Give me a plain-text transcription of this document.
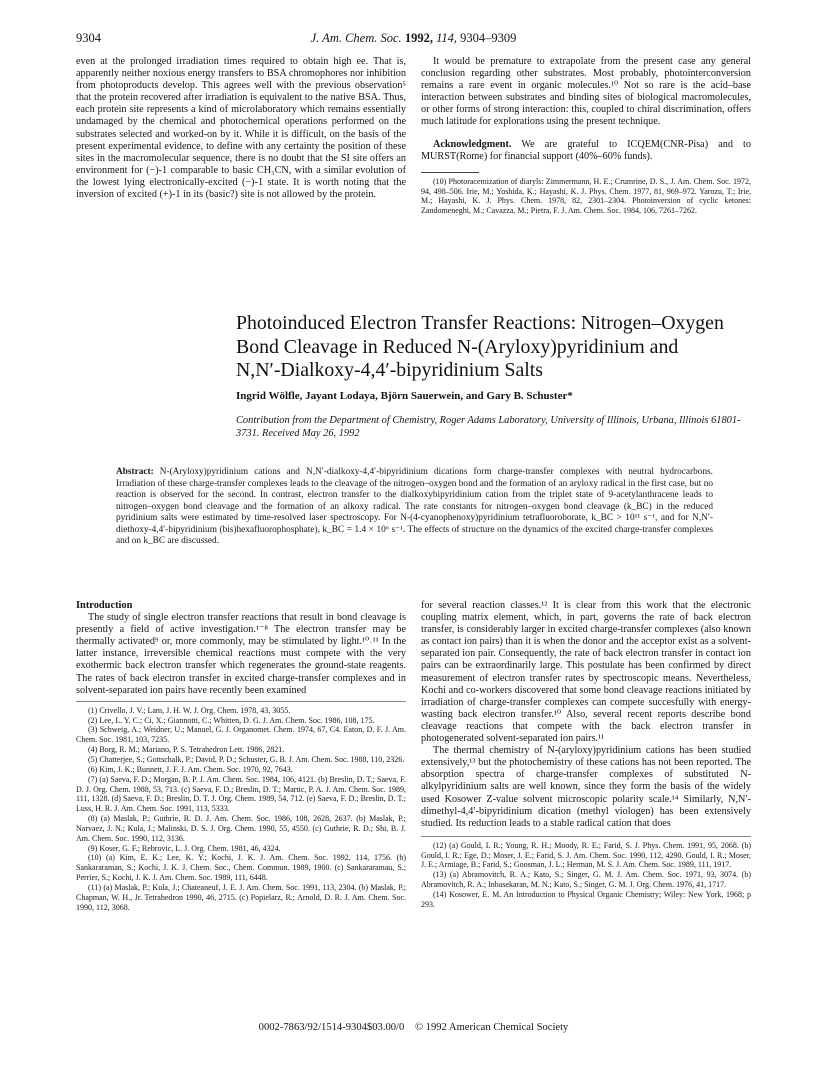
9304	J. Am. Chem. Soc. 1992, 114, 9304–9309

even at the prolonged irradiation times required to obtain high ee. That is, apparently neither noxious energy transfers to BSA chromophores nor inhibition from photoproducts develop. This agrees well with the previous observation⁵ that the protein recovered after irradiation is equivalent to the native BSA. Thus, each protein site represents a kind of microlaboratory which remains essentially undamaged by the chemical and photochemical operations performed on the substrates selected and worked-on by it. While it is difficult, on the basis of the present experimental evidence, to define with any certainty the position of these sites in the macromolecular sequence, there is no doubt that the SI site offers an environment for (−)-1 comparable to basic CH₃CN, with a similar evolution of the lowest lying electronically-excited (−)-1 state. It is worth noting that the inversion of excited (+)-1 in its (basic?) site is not allowed by the protein.

It would be premature to extrapolate from the present case any general conclusion regarding other substrates. Most probably, photointerconversion remains a rare event in organic molecules.¹⁰ Not so rare is the acid–base interaction between substrates and binding sites of biological macromolecules, or other forms of strong interaction: this, coupled to chiral discrimination, offers much latitude for explorations using the present technique.

Acknowledgment. We are grateful to ICQEM(CNR-Pisa) and to MURST(Rome) for financial support (40%–60% funds).

(10) Photoracemization of diaryls: Zimmermann, H. E.; Crumrine, D. S., J. Am. Chem. Soc. 1972, 94, 498–506. Irie, M.; Yoshida, K.; Hayashi, K. J. Phys. Chem. 1977, 81, 969–972. Yarozu, T.; Irie, M.; Hayashi, K. J. Phys. Chem. 1978, 82, 2301–2304. Photoinversion of cyclic ketones: Zandomeneghi, M.; Cavazza, M.; Pietra, F. J. Am. Chem. Soc. 1984, 106, 7261–7262.

Photoinduced Electron Transfer Reactions: Nitrogen–Oxygen
Bond Cleavage in Reduced N-(Aryloxy)pyridinium and
N,N′-Dialkoxy-4,4′-bipyridinium Salts
Ingrid Wölfle, Jayant Lodaya, Björn Sauerwein, and Gary B. Schuster*
Contribution from the Department of Chemistry, Roger Adams Laboratory, University of Illinois, Urbana, Illinois 61801-3731. Received May 26, 1992

Abstract: N-(Aryloxy)pyridinium cations and N,N′-dialkoxy-4,4′-bipyridinium dications form charge-transfer complexes with neutral hydrocarbons. Irradiation of these charge-transfer complexes leads to the cleavage of the nitrogen–oxygen bond and the formation of an aryloxy radical in the first case, but no reaction is observed for the second. In contrast, electron transfer to the dialkoxybipyridinium cation from the triplet state of 9-acetylanthracene leads to nitrogen–oxygen bond cleavage and the formation of an alkoxy radical. The rate constants for nitrogen–oxygen bond cleavage (k_BC) in the reduced pyridinium salts were estimated by time-resolved laser spectroscopy. For N-(4-cyanophenoxy)pyridinium tetrafluoroborate, k_BC > 10¹¹ s⁻¹, and for N,N′-diethoxy-4,4′-bipyridinium (bis)hexafluorophosphate), k_BC = 1.4 × 10⁶ s⁻¹. The effects of structure on the dynamics of the excited charge-transfer complexes and on k_BC are discussed.

Introduction

The study of single electron transfer reactions that result in bond cleavage is presently a field of active investigation.¹⁻⁸ The electron transfer may be thermally activated⁹ or, more commonly, may be stimulated by light.¹⁰˒¹¹ In the latter instance, irreversible chemical reactions must compete with the very exothermic back electron transfer which regenerates the ground-state reagents. The rates of back electron transfer in excited charge-transfer complexes and in solvent-separated ion pairs have recently been examined

(1) Crivello, J. V.; Lam, J. H. W. J. Org. Chem. 1978, 43, 3055.

(2) Lee, L. Y. C.; Ci, X.; Giannotti, C.; Whitten, D. G. J. Am. Chem. Soc. 1986, 108, 175.

(3) Schweig, A.; Weidner, U.; Manuel, G. J. Organomet. Chem. 1974, 67, C4. Eaton, D. F. J. Am. Chem. Soc. 1981, 103, 7235.

(4) Borg, R. M.; Mariano, P. S. Tetrahedron Lett. 1986, 2821.

(5) Chatterjee, S.; Gottschalk, P.; David, P. D.; Schuster, G. B. J. Am. Chem. Soc. 1988, 110, 2326.

(6) Kim, J. K.; Bunnett, J. F. J. Am. Chem. Soc. 1970, 92, 7643.

(7) (a) Saeva, F. D.; Morgan, B. P. J. Am. Chem. Soc. 1984, 106, 4121. (b) Breslin, D. T.; Saeva, F. D. J. Org. Chem. 1988, 53, 713. (c) Saeva, F. D.; Breslin, D. T.; Martic, P. A. J. Am. Chem. Soc. 1989, 111, 1328. (d) Saeva, F. D.; Breslin, D. T. J. Org. Chem. 1989, 54, 712. (e) Saeva, F. D.; Breslin, D. T.; Luss, H. R. J. Am. Chem. Soc. 1991, 113, 5333.

(8) (a) Maslak, P.; Guthrie, R. D. J. Am. Chem. Soc. 1986, 108, 2628, 2637. (b) Maslak, P.; Narvaez, J. N.; Kula, J.; Malinski, D. S. J. Org. Chem. 1990, 55, 4550. (c) Guthrie, R. D.; Shi, B. J. Am. Chem. Soc. 1990, 112, 3136.

(9) Koser, G. F.; Rebrovic, L. J. Org. Chem. 1981, 46, 4324.

(10) (a) Kim, E. K.; Lee, K. Y.; Kochi, J. K. J. Am. Chem. Soc. 1992, 114, 1756. (b) Sankararaman, S.; Kochi, J. K. J. Chem. Soc., Chem. Commun. 1989, 1900. (c) Sankararamau, S.; Perrier, S.; Kochi, J. K. J. Am. Chem. Soc. 1989, 111, 6448.

(11) (a) Maslak, P.; Kula, J.; Chateaneuf, J. E. J. Am. Chem. Soc. 1991, 113, 2304. (b) Maslak, P.; Chapman, W. H., Jr. Tetrahedron 1990, 46, 2715. (c) Popielarz, R.; Arnold, D. R. J. Am. Chem. Soc. 1990, 112, 3068.

for several reaction classes.¹² It is clear from this work that the electronic coupling matrix element, which, in part, governs the rate of back electron transfer, is considerably larger in excited charge-transfer complexes (also known as contact ion pairs) than it is when the donor and the acceptor exist as a solvent-separated ion pair. Consequently, the rate of back electron transfer in contact ion pairs can be extraordinarily large. This postulate has been confirmed by direct measurement of electron transfer rates by spectroscopic means. Nevertheless, Kochi and co-workers discovered that some bond cleavage reactions initiated by irradiation of charge-transfer complexes can compete succesfully with energy-wasting back electron transfer.¹⁰ Also, several recent reports describe bond cleavage reactions that compete with the back electron transfer in photogenerated solvent-separated ion pairs.¹¹

The thermal chemistry of N-(aryloxy)pyridinium cations has been studied extensively,¹³ but the photochemistry of these cations has not been reported. The absorption spectra of charge-transfer complexes of substituted N-alkylpyridinium salts are well known, since they form the basis of the widely used Kosower Z-value solvent microscopic polarity scale.¹⁴ Similarly, N,N′-dimethyl-4,4′-bipyridinium dication (methyl viologen) has been extensively studied. Its reduction leads to a stable radical cation that does

(12) (a) Gould, I. R.; Young, R. H.; Moody, R. E.; Farid, S. J. Phys. Chem. 1991, 95, 2068. (b) Gould, I. R.; Ege, D.; Moser, J. E.; Farid, S. J. Am. Chem. Soc. 1990, 112, 4290. Gould, I. R.; Moser, J. E.; Armiage, B.; Farid, S.; Goosman, J. L.; Herman, M. S. J. Am. Chem. Soc. 1989, 111, 1917.

(13) (a) Abramovitch, R. A.; Kato, S.; Singer, G. M. J. Am. Chem. Soc. 1971, 93, 3074. (b) Abramovitch, R. A.; Inbasekaran, M. N.; Kato, S.; Singer, G. M. J. Org. Chem. 1976, 41, 1717.

(14) Kosower, E. M. An Introduction to Physical Organic Chemistry; Wiley: New York, 1968; p 293.

0002-7863/92/1514-9304$03.00/0 © 1992 American Chemical Society
